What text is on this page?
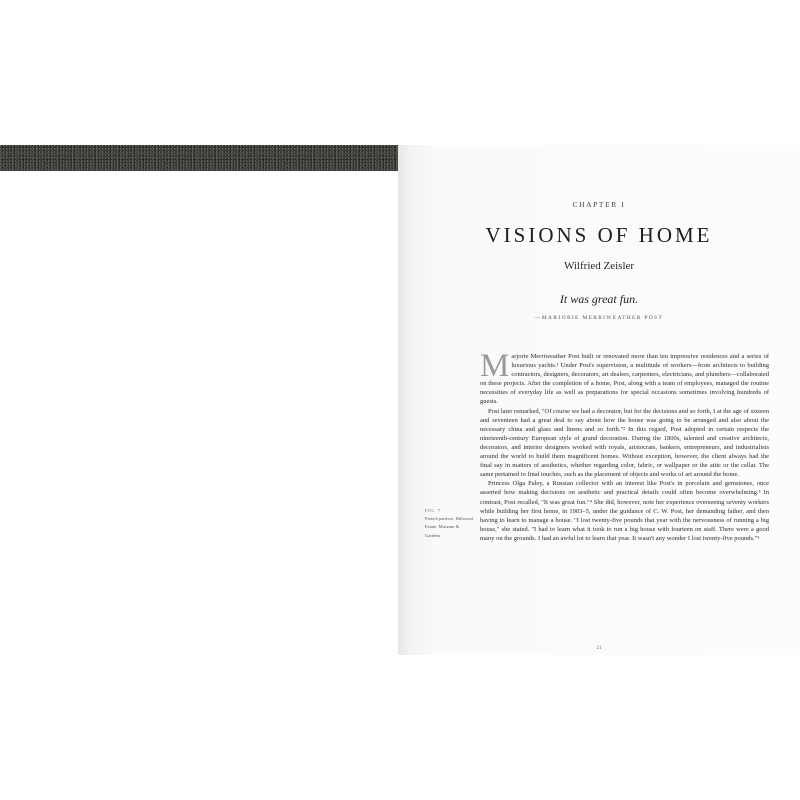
CHAPTER I
VISIONS OF HOME
Wilfried Zeisler
It was great fun.
—MARJORIE MERRIWEATHER POST
FIG. 7
French parterre, Hillwood Estate, Museum & Gardens

Marjorie Merriweather Post built or renovated more than ten impressive residences and a series of luxurious yachts.¹ Under Post's supervision, a multitude of workers—from architects to building contractors, designers, decorators, art dealers, carpenters, electricians, and plumbers—collaborated on these projects. After the completion of a home, Post, along with a team of employees, managed the routine necessities of everyday life as well as preparations for special occasions sometimes involving hundreds of guests.

Post later remarked, "Of course we had a decorator, but for the decisions and so forth, I at the age of sixteen and seventeen had a great deal to say about how the house was going to be arranged and also about the necessary china and glass and linens and so forth."² In this regard, Post adopted in certain respects the nineteenth-century European style of grand decoration. During the 1800s, talented and creative architects, decorators, and interior designers worked with royals, aristocrats, bankers, entrepreneurs, and industrialists around the world to build them magnificent homes. Without exception, however, the client always had the final say in matters of aesthetics, whether regarding color, fabric, or wallpaper or the attic or the cellar. The same pertained to final touches, such as the placement of objects and works of art around the home.

Princess Olga Paley, a Russian collector with an interest like Post's in porcelain and gemstones, once asserted how making decisions on aesthetic and practical details could often become overwhelming.³ In contrast, Post recalled, "It was great fun."⁴ She did, however, note her experience overseeing seventy workers while building her first home, in 1903–5, under the guidance of C. W. Post, her demanding father, and then having to learn to manage a house. "I lost twenty-five pounds that year with the nervousness of running a big house," she stated. "I had to learn what it took to run a big house with fourteen on staff. There were a good many on the grounds. I had an awful lot to learn that year. It wasn't any wonder I lost twenty-five pounds."⁵

21
